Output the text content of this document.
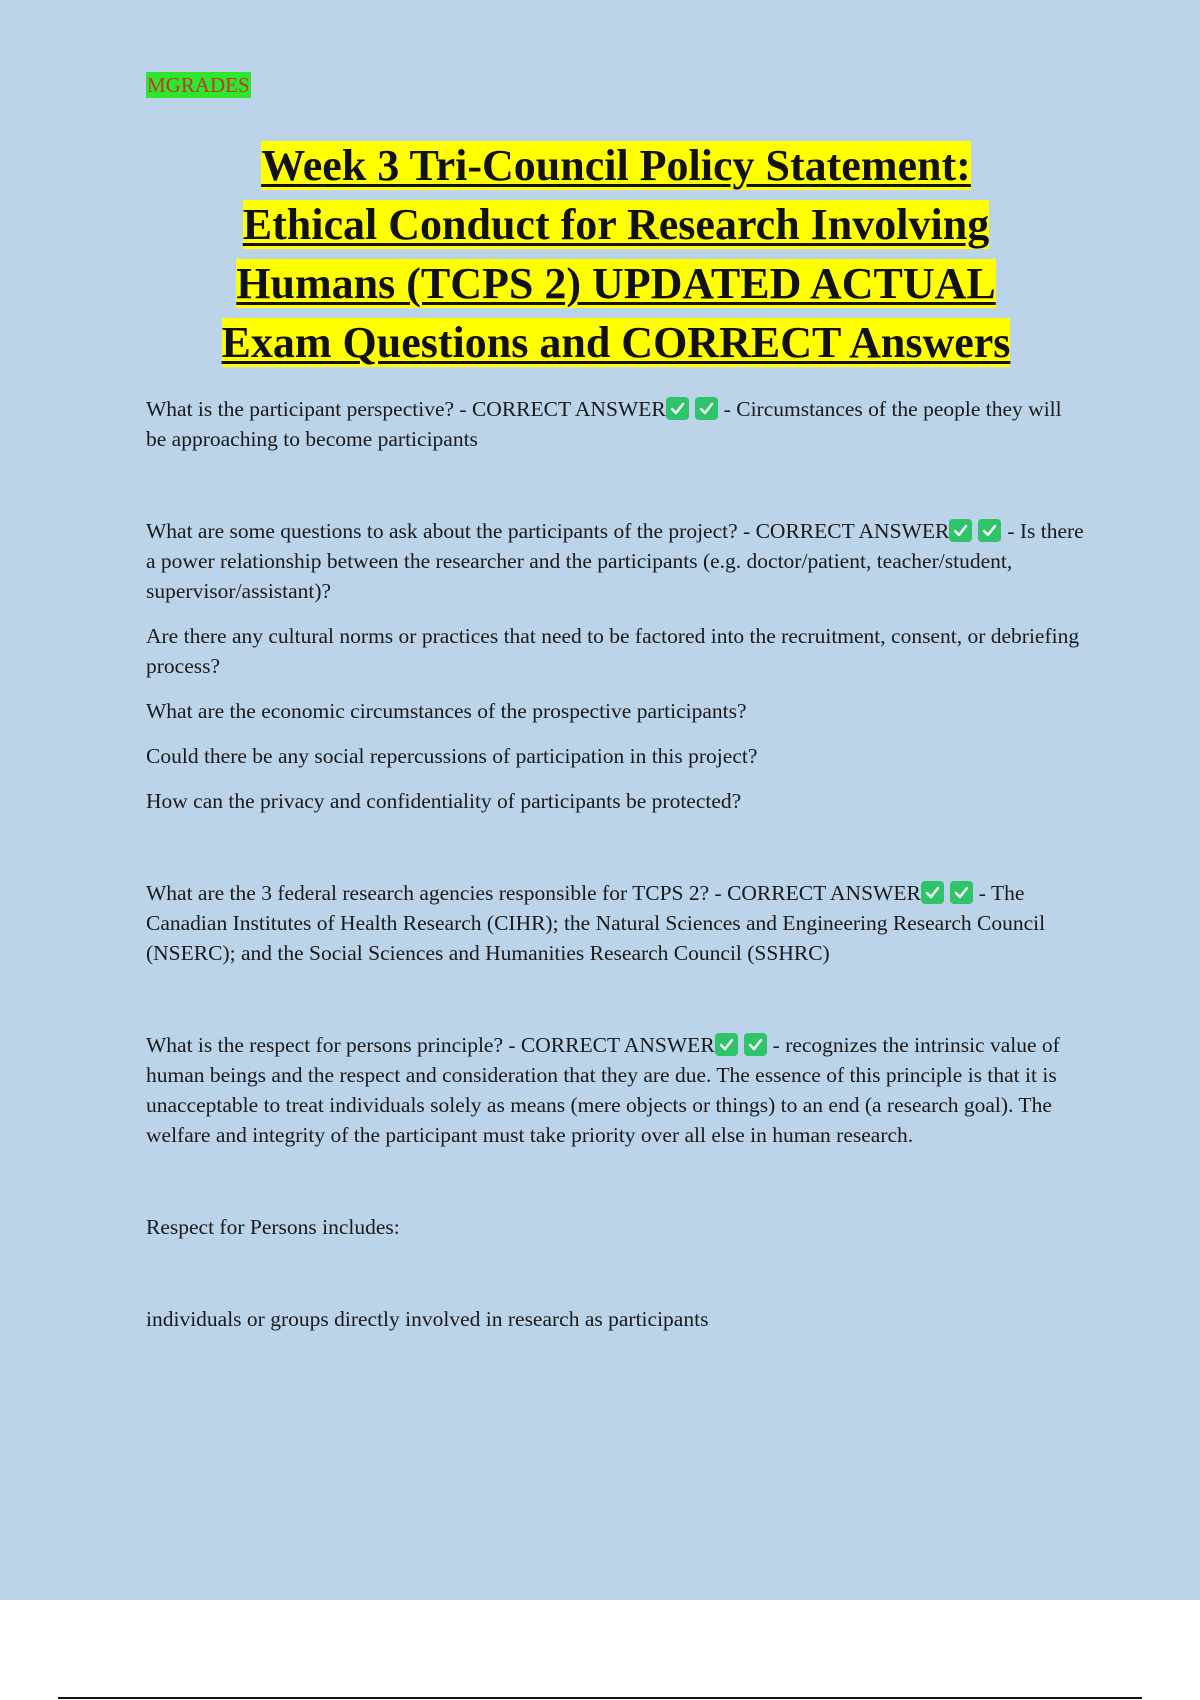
MGRADES
Week 3 Tri-Council Policy Statement:
Ethical Conduct for Research Involving
Humans (TCPS 2) UPDATED ACTUAL
Exam Questions and CORRECT Answers

What is the participant perspective? - CORRECT ANSWER	- Circumstances of the people they will be approaching to become participants

What are some questions to ask about the participants of the project? - CORRECT ANSWER	- Is there a power relationship between the researcher and the participants (e.g. doctor/patient, teacher/student, supervisor/assistant)?

Are there any cultural norms or practices that need to be factored into the recruitment, consent, or debriefing process?

What are the economic circumstances of the prospective participants?

Could there be any social repercussions of participation in this project?

How can the privacy and confidentiality of participants be protected?

What are the 3 federal research agencies responsible for TCPS 2? - CORRECT ANSWER	- The Canadian Institutes of Health Research (CIHR); the Natural Sciences and Engineering Research Council (NSERC); and the Social Sciences and Humanities Research Council (SSHRC)

What is the respect for persons principle? - CORRECT ANSWER	- recognizes the intrinsic value of human beings and the respect and consideration that they are due. The essence of this principle is that it is unacceptable to treat individuals solely as means (mere objects or things) to an end (a research goal). The welfare and integrity of the participant must take priority over all else in human research.

Respect for Persons includes:

individuals or groups directly involved in research as participants
